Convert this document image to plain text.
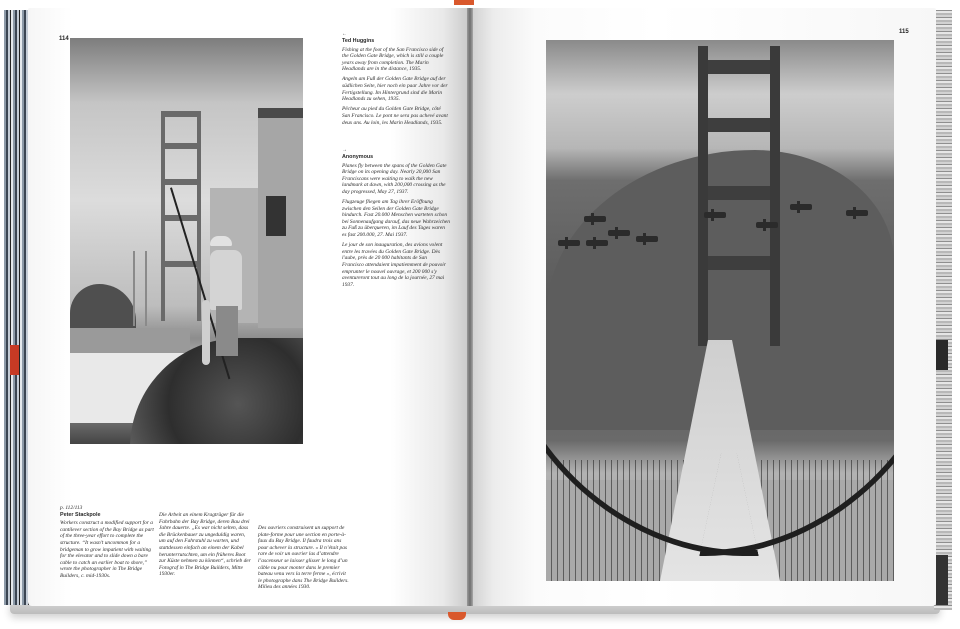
114
115
←
Ted Huggins

Fishing at the foot of the San Francisco side of the Golden Gate Bridge, which is still a couple years away from completion. The Marin Headlands are in the distance, 1935.

Angeln am Fuß der Golden Gate Bridge auf der südlichen Seite, hier noch ein paar Jahre vor der Fertigstellung. Im Hintergrund sind die Marin Headlands zu sehen, 1935.

Pêcheur au pied du Golden Gate Bridge, côté San Francisco. Le pont ne sera pas achevé avant deux ans. Au loin, les Marin Headlands, 1935.

→
Anonymous

Planes fly between the spans of the Golden Gate Bridge on its opening day. Nearly 20,000 San Franciscans were waiting to walk the new landmark at dawn, with 200,000 crossing as the day progressed, May 27, 1937.

Flugzeuge fliegen am Tag ihrer Eröffnung zwischen den Seilen der Golden Gate Bridge hindurch. Fast 20.000 Menschen warteten schon bei Sonnenaufgang darauf, das neue Wahrzeichen zu Fuß zu überqueren, im Lauf des Tages waren es fast 200.000, 27. Mai 1937.

Le jour de son inauguration, des avions volent entre les travées du Golden Gate Bridge. Dès l'aube, près de 20 000 habitants de San Francisco attendaient impatiemment de pouvoir emprunter le nouvel ouvrage, et 200 000 s'y aventureront tout au long de la journée, 27 mai 1937.

p. 112/113
Peter Stackpole

Workers construct a modified support for a cantilever section of the Bay Bridge as part of the three-year effort to complete the structure. “It wasn’t uncommon for a bridgeman to grow impatient with waiting for the elevator and to slide down a bare cable to catch an earlier boat to shore,” wrote the photographer in The Bridge Builders, c. mid-1930s.

Die Arbeit an einem Kragträger für die Fahrbahn der Bay Bridge, deren Bau drei Jahre dauerte. „Es war nicht selten, dass die Brückenbauer zu ungeduldig waren, um auf den Fahrstuhl zu warten, und stattdessen einfach an einem der Kabel herunterrutschten, um ein früheres Boot zur Küste nehmen zu können“, schrieb der Fotograf in The Bridge Builders, Mitte 1930er.

Des ouvriers construisent un support de plate-forme pour une section en porte-à-faux du Bay Bridge. Il faudra trois ans pour achever la structure. « Il n’était pas rare de voir un ouvrier las d’attendre l’ascenseur se laisser glisser le long d’un câble nu pour monter dans le premier bateau venu vers la terre ferme », écrivit le photographe dans The Bridge Builders. Milieu des années 1930.
